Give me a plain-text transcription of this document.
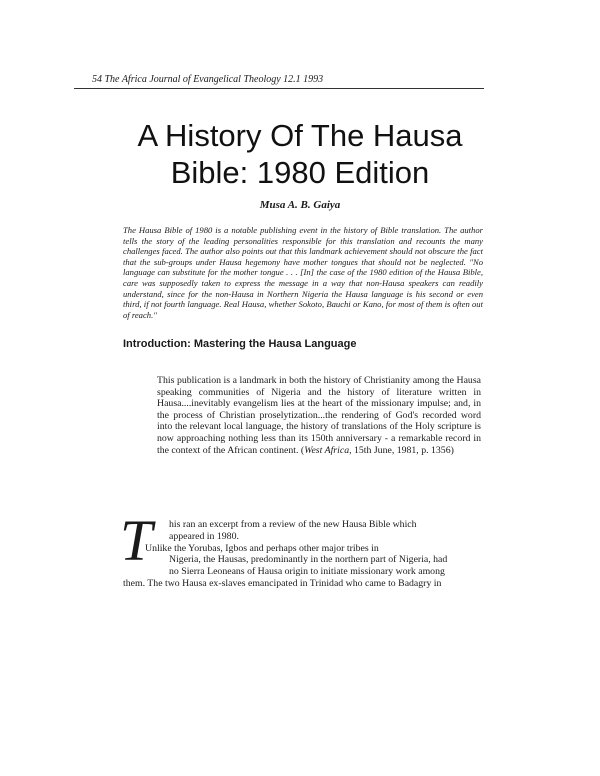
54 The Africa Journal of Evangelical Theology 12.1 1993
A History Of The Hausa
Bible: 1980 Edition
Musa A. B. Gaiya
The Hausa Bible of 1980 is a notable publishing event in the history of Bible translation. The author tells the story of the leading personalities responsible for this translation and recounts the many challenges faced. The author also points out that this landmark achievement should not obscure the fact that the sub-groups under Hausa hegemony have mother tongues that should not be neglected. "No language can substitute for the mother tongue . . . [In] the case of the 1980 edition of the Hausa Bible, care was supposedly taken to express the message in a way that non-Hausa speakers can readily understand, since for the non-Hausa in Northern Nigeria the Hausa language is his second or even third, if not fourth language. Real Hausa, whether Sokoto, Bauchi or Kano, for most of them is often out of reach."
Introduction: Mastering the Hausa Language
This publication is a landmark in both the history of Christianity among the Hausa speaking communities of Nigeria and the history of literature written in Hausa....inevitably evangelism lies at the heart of the missionary impulse; and, in the process of Christian proselytization...the rendering of God's recorded word into the relevant local language, the history of translations of the Holy scripture is now approaching nothing less than its 150th anniversary - a remarkable record in the context of the African continent. (West Africa, 15th June, 1981, p. 1356)
T	his ran an excerpt from a review of the new Hausa Bible which
appeared in 1980.
Unlike the Yorubas, Igbos and perhaps other major tribes in
Nigeria, the Hausas, predominantly in the northern part of Nigeria, had
no Sierra Leoneans of Hausa origin to initiate missionary work among
them. The two Hausa ex-slaves emancipated in Trinidad who came to Badagry in
